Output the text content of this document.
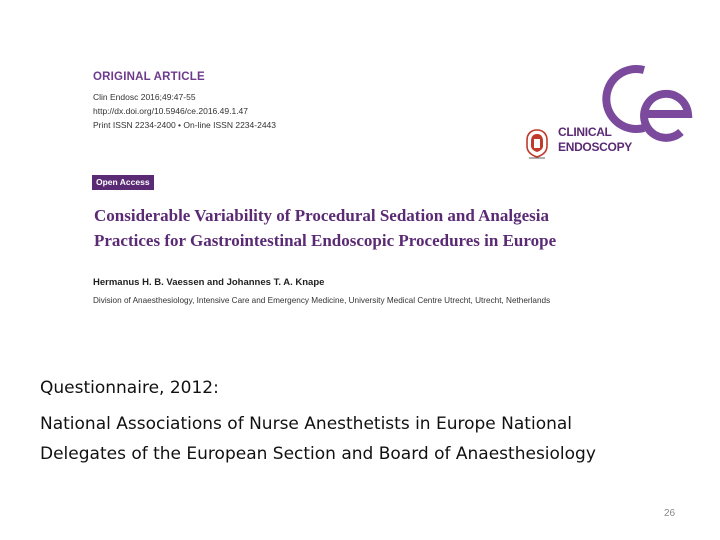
ORIGINAL ARTICLE
Clin Endosc 2016;49:47-55
http://dx.doi.org/10.5946/ce.2016.49.1.47
Print ISSN 2234-2400 • On-line ISSN 2234-2443	CLINICAL
ENDOSCOPY
Open Access
Considerable Variability of Procedural Sedation and Analgesia
Practices for Gastrointestinal Endoscopic Procedures in Europe
Hermanus H. B. Vaessen and Johannes T. A. Knape
Division of Anaesthesiology, Intensive Care and Emergency Medicine, University Medical Centre Utrecht, Utrecht, Netherlands
Questionnaire, 2012:
National Associations of Nurse Anesthetists in Europe National
Delegates of the European Section and Board of Anaesthesiology
26
